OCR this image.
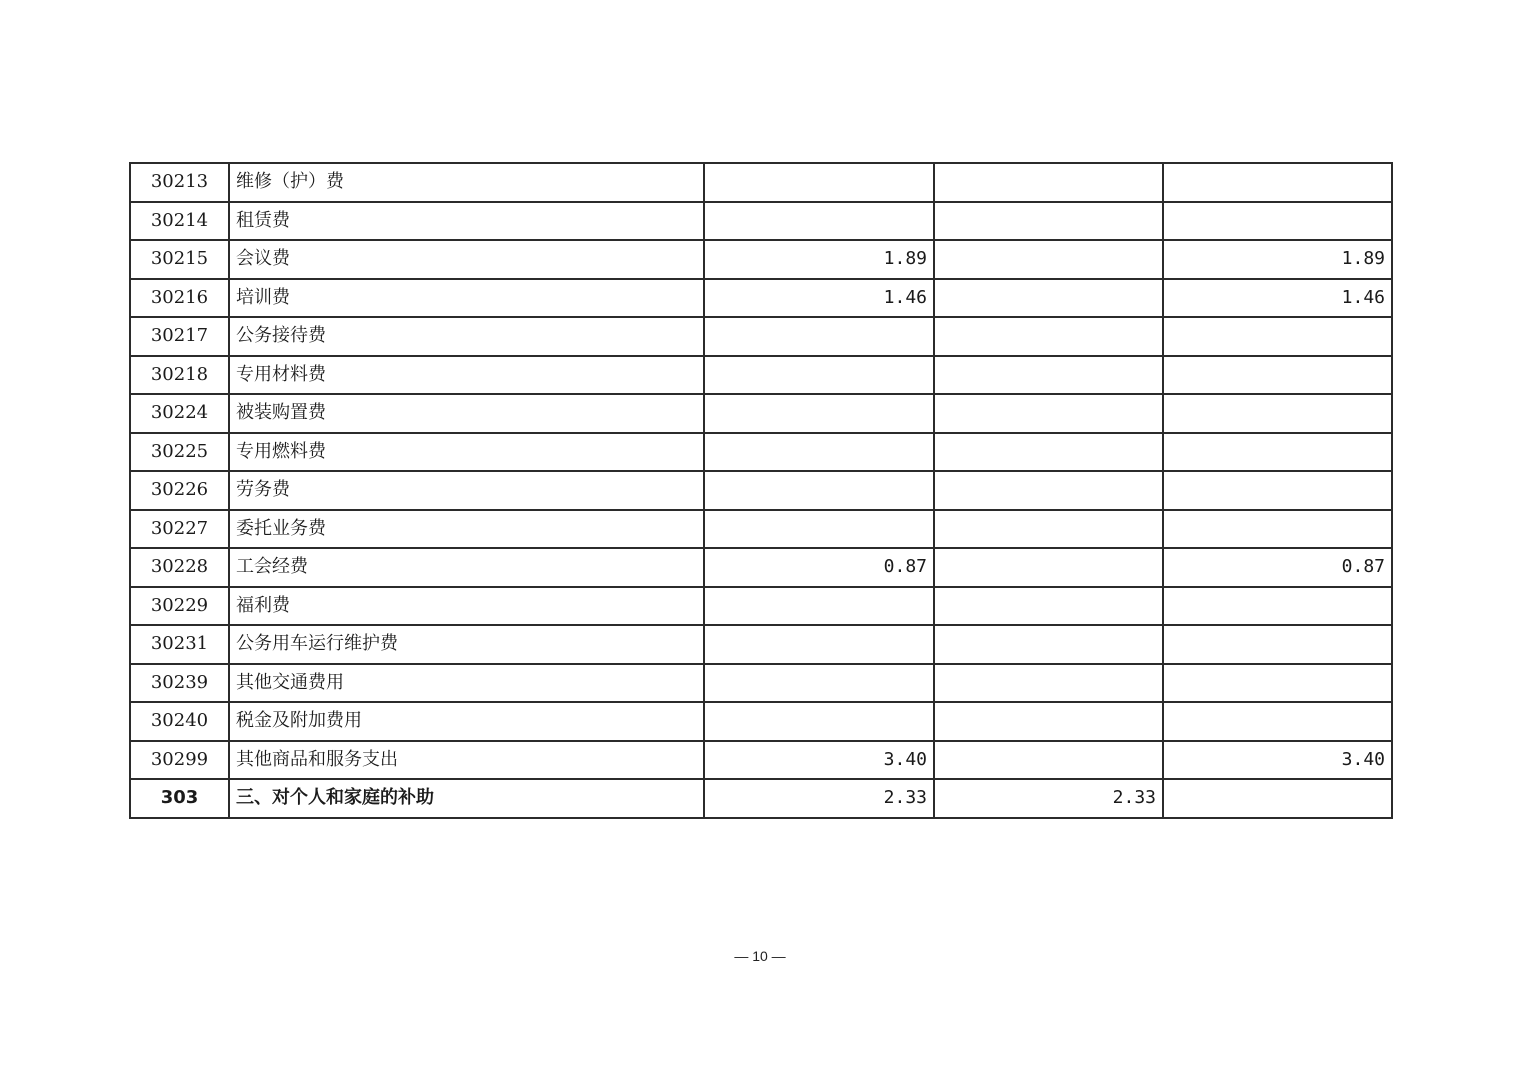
30213	维修（护）费			
30214	租赁费			
30215	会议费	1.89		1.89
30216	培训费	1.46		1.46
30217	公务接待费			
30218	专用材料费			
30224	被装购置费			
30225	专用燃料费			
30226	劳务费			
30227	委托业务费			
30228	工会经费	0.87		0.87
30229	福利费			
30231	公务用车运行维护费			
30239	其他交通费用			
30240	税金及附加费用			
30299	其他商品和服务支出	3.40		3.40
303	三、对个人和家庭的补助	2.33	2.33	
— 10 —
